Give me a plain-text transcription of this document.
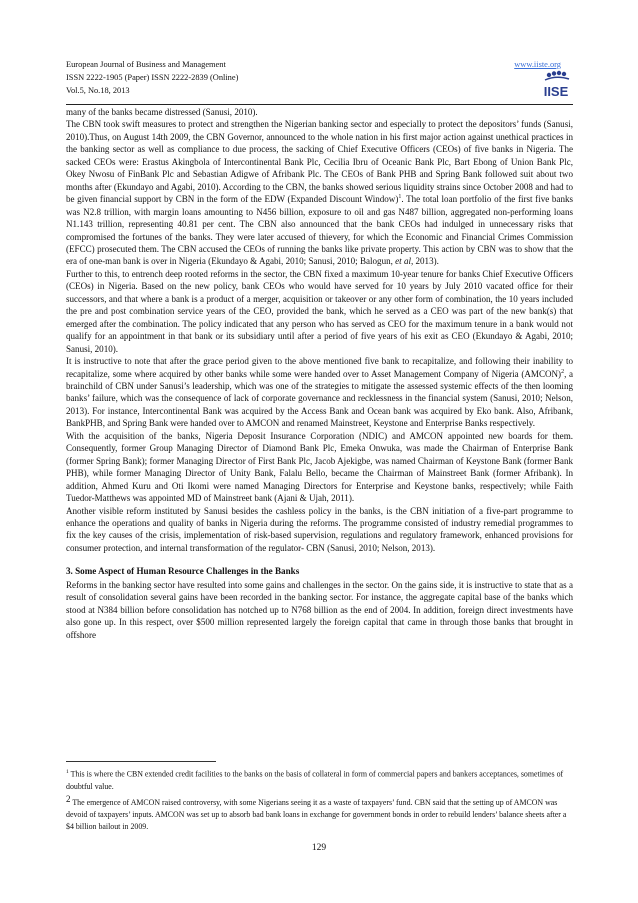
European Journal of Business and Management
ISSN 2222-1905 (Paper) ISSN 2222-2839 (Online)
Vol.5, No.18, 2013
www.iiste.org
IISE

many of the banks became distressed (Sanusi, 2010).

The CBN took swift measures to protect and strengthen the Nigerian banking sector and especially to protect the depositors’ funds (Sanusi, 2010).Thus, on August 14th 2009, the CBN Governor, announced to the whole nation in his first major action against unethical practices in the banking sector as well as compliance to due process, the sacking of Chief Executive Officers (CEOs) of five banks in Nigeria. The sacked CEOs were: Erastus Akingbola of Intercontinental Bank Plc, Cecilia Ibru of Oceanic Bank Plc, Bart Ebong of Union Bank Plc, Okey Nwosu of FinBank Plc and Sebastian Adigwe of Afribank Plc. The CEOs of Bank PHB and Spring Bank followed suit about two months after (Ekundayo and Agabi, 2010). According to the CBN, the banks showed serious liquidity strains since October 2008 and had to be given financial support by CBN in the form of the EDW (Expanded Discount Window)$^1$. The total loan portfolio of the first five banks was N2.8 trillion, with margin loans amounting to N456 billion, exposure to oil and gas N487 billion, aggregated non-performing loans N1.143 trillion, representing 40.81 per cent. The CBN also announced that the bank CEOs had indulged in unnecessary risks that compromised the fortunes of the banks. They were later accused of thievery, for which the Economic and Financial Crimes Commission (EFCC) prosecuted them. The CBN accused the CEOs of running the banks like private property. This action by CBN was to show that the era of one-man bank is over in Nigeria (Ekundayo & Agabi, 2010; Sanusi, 2010; Balogun, et al, 2013).

Further to this, to entrench deep rooted reforms in the sector, the CBN fixed a maximum 10-year tenure for banks Chief Executive Officers (CEOs) in Nigeria. Based on the new policy, bank CEOs who would have served for 10 years by July 2010 vacated office for their successors, and that where a bank is a product of a merger, acquisition or takeover or any other form of combination, the 10 years included the pre and post combination service years of the CEO, provided the bank, which he served as a CEO was part of the new bank(s) that emerged after the combination. The policy indicated that any person who has served as CEO for the maximum tenure in a bank would not qualify for an appointment in that bank or its subsidiary until after a period of five years of his exit as CEO (Ekundayo & Agabi, 2010; Sanusi, 2010).

It is instructive to note that after the grace period given to the above mentioned five bank to recapitalize, and following their inability to recapitalize, some where acquired by other banks while some were handed over to Asset Management Company of Nigeria (AMCON)$^2$, a brainchild of CBN under Sanusi’s leadership, which was one of the strategies to mitigate the assessed systemic effects of the then looming banks’ failure, which was the consequence of lack of corporate governance and recklessness in the financial system (Sanusi, 2010; Nelson, 2013). For instance, Intercontinental Bank was acquired by the Access Bank and Ocean bank was acquired by Eko bank. Also, Afribank, BankPHB, and Spring Bank were handed over to AMCON and renamed Mainstreet, Keystone and Enterprise Banks respectively.

With the acquisition of the banks, Nigeria Deposit Insurance Corporation (NDIC) and AMCON appointed new boards for them. Consequently, former Group Managing Director of Diamond Bank Plc, Emeka Onwuka, was made the Chairman of Enterprise Bank (former Spring Bank); former Managing Director of First Bank Plc, Jacob Ajekigbe, was named Chairman of Keystone Bank (former Bank PHB), while former Managing Director of Unity Bank, Falalu Bello, became the Chairman of Mainstreet Bank (former Afribank). In addition, Ahmed Kuru and Oti Ikomi were named Managing Directors for Enterprise and Keystone banks, respectively; while Faith Tuedor-Matthews was appointed MD of Mainstreet bank (Ajani & Ujah, 2011).

Another visible reform instituted by Sanusi besides the cashless policy in the banks, is the CBN initiation of a five-part programme to enhance the operations and quality of banks in Nigeria during the reforms. The programme consisted of industry remedial programmes to fix the key causes of the crisis, implementation of risk-based supervision, regulations and regulatory framework, enhanced provisions for consumer protection, and internal transformation of the regulator- CBN (Sanusi, 2010; Nelson, 2013).

3. Some Aspect of Human Resource Challenges in the Banks

Reforms in the banking sector have resulted into some gains and challenges in the sector. On the gains side, it is instructive to state that as a result of consolidation several gains have been recorded in the banking sector. For instance, the aggregate capital base of the banks which stood at N384 billion before consolidation has notched up to N768 billion as the end of 2004. In addition, foreign direct investments have also gone up. In this respect, over $500 million represented largely the foreign capital that came in through those banks that brought in offshore

$^1$ This is where the CBN extended credit facilities to the banks on the basis of collateral in form of commercial papers and bankers acceptances, sometimes of doubtful value.

2 The emergence of AMCON raised controversy, with some Nigerians seeing it as a waste of taxpayers’ fund. CBN said that the setting up of AMCON was devoid of taxpayers’ inputs. AMCON was set up to absorb bad bank loans in exchange for government bonds in order to rebuild lenders’ balance sheets after a $4 billion bailout in 2009.

129
